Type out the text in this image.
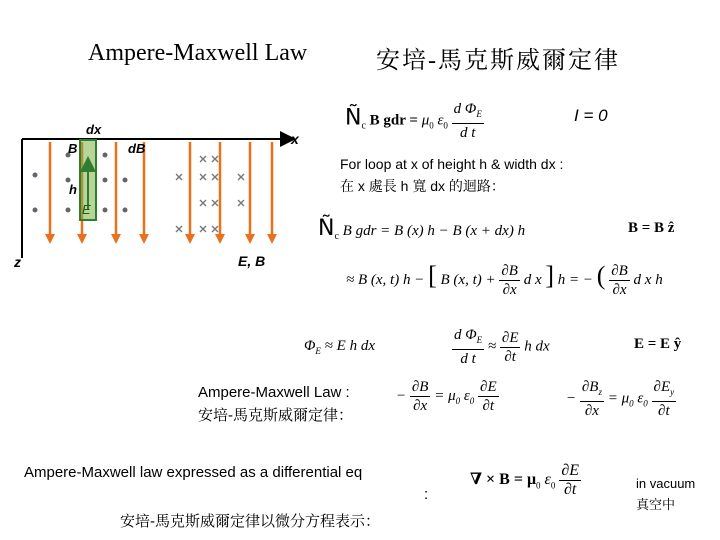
Ampere-Maxwell Law	安培-馬克斯威爾定律
$Ñ_c$ B gdr = $\mu_0$ $\varepsilon_0 \frac{d \Phi_E}{\text{d t}}$	I = 0
dx
x
z
B	dB
h
E
E, B
For loop at x of height h & width dx :
在 x 處長 h 寬 dx 的迴路：
$Ñ_c$ B gdr = B (x) h − B (x + dx) h	B = B ẑ
≈ B (x, t) h − [ B (x, $t) + \frac{\partial B}{\partial x}$ d x ] h = − ( $\frac{\partial B}{\partial x}$ d x h
$\Phi_E \approx E$ h dx	$\frac{d \Phi_E}{\text{d t}} \approx \frac{\partial E}{\partial t}$ h dx	E = E ŷ
Ampere-Maxwell Law :
安培-馬克斯威爾定律：
− $\frac{\partial B}{\partial x} = \mu_0$ $\varepsilon_0 \frac{\partial E}{\partial t}$	− $\frac{\partial B_z}{\partial x} = \mu_0$ $\varepsilon_0 \frac{\partial E_y}{\partial t}$
Ampere-Maxwell law expressed as a differential eq
:
安培-馬克斯威爾定律以微分方程表示：
∇ × $B = \mu_0$ $\varepsilon_0 \frac{\partial E}{\partial t}$	in vacuum
真空中
